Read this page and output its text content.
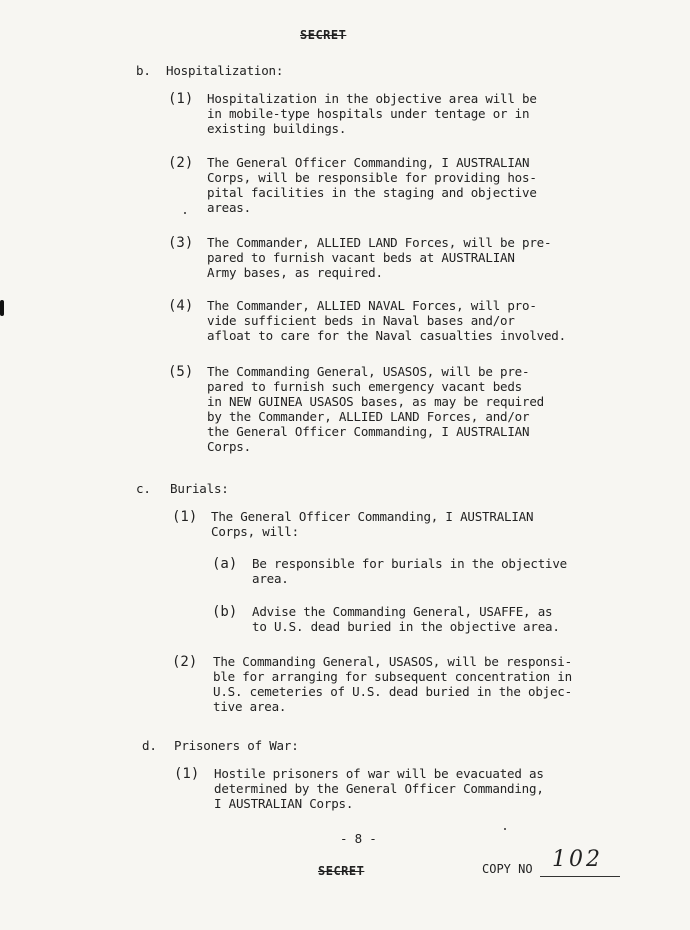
SECRET
b. Hospitalization:
(1) Hospitalization in the objective area will be
in mobile-type hospitals under tentage or in
existing buildings.
(2) The General Officer Commanding, I AUSTRALIAN
Corps, will be responsible for providing hos-
pital facilities in the staging and objective
areas.
(3) The Commander, ALLIED LAND Forces, will be pre-
pared to furnish vacant beds at AUSTRALIAN
Army bases, as required.
(4) The Commander, ALLIED NAVAL Forces, will pro-
vide sufficient beds in Naval bases and/or
afloat to care for the Naval casualties involved.
(5) The Commanding General, USASOS, will be pre-
pared to furnish such emergency vacant beds
in NEW GUINEA USASOS bases, as may be required
by the Commander, ALLIED LAND Forces, and/or
the General Officer Commanding, I AUSTRALIAN
Corps.
c. Burials:
(1) The General Officer Commanding, I AUSTRALIAN
Corps, will:
(a) Be responsible for burials in the objective
area.
(b) Advise the Commanding General, USAFFE, as
to U.S. dead buried in the objective area.
(2) The Commanding General, USASOS, will be responsi-
ble for arranging for subsequent concentration in
U.S. cemeteries of U.S. dead buried in the objec-
tive area.
d. Prisoners of War:
(1) Hostile prisoners of war will be evacuated as
determined by the General Officer Commanding,
I AUSTRALIAN Corps.
- 8 -
SECRET	COPY NO 102
